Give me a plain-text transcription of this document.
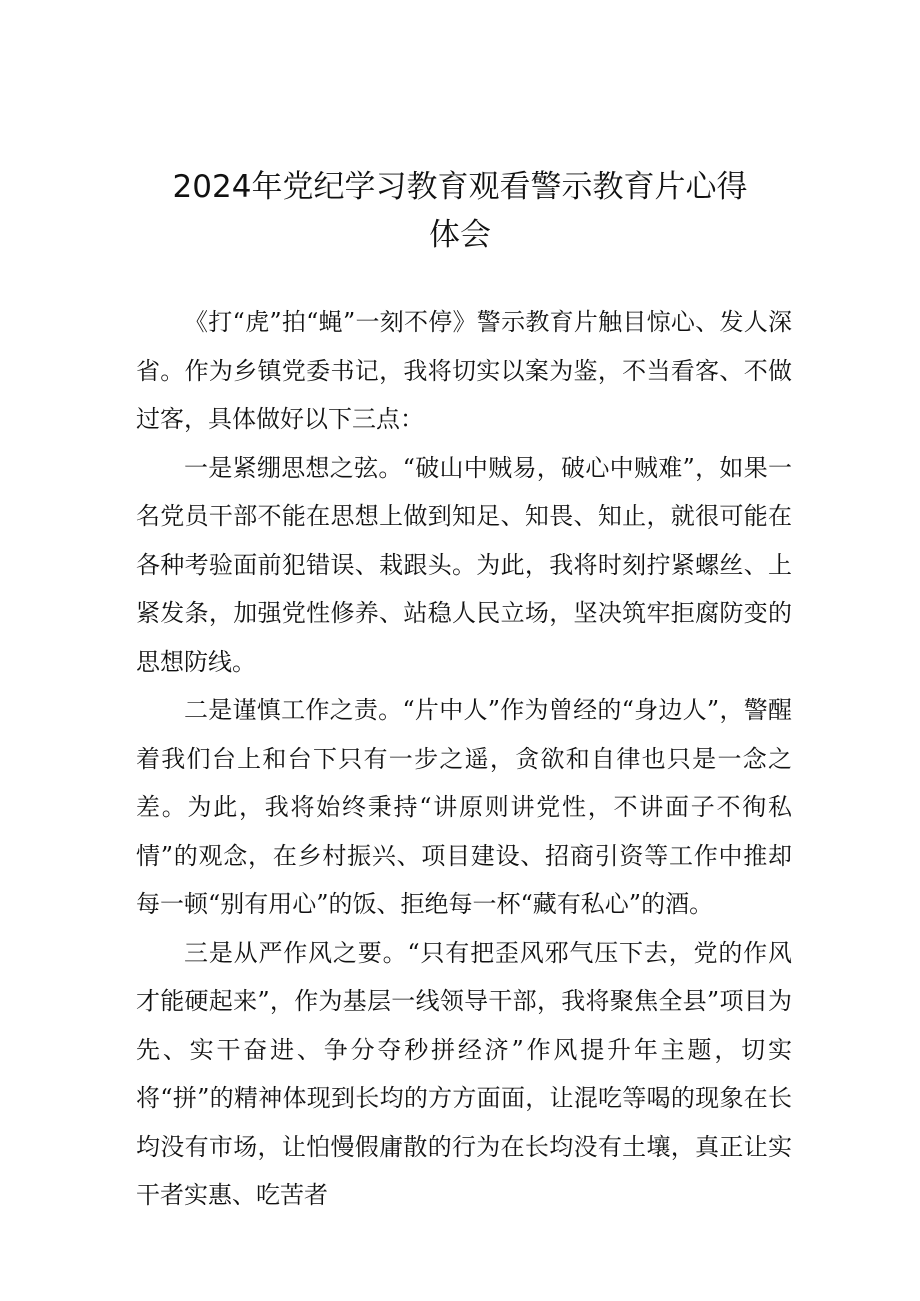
2024年党纪学习教育观看警示教育片心得
体会

《打“虎”拍“蝇”一刻不停》警示教育片触目惊心、发人深省。作为乡镇党委书记，我将切实以案为鉴，不当看客、不做过客，具体做好以下三点：

一是紧绷思想之弦。“破山中贼易，破心中贼难”，如果一名党员干部不能在思想上做到知足、知畏、知止，就很可能在各种考验面前犯错误、栽跟头。为此，我将时刻拧紧螺丝、上紧发条，加强党性修养、站稳人民立场，坚决筑牢拒腐防变的思想防线。

二是谨慎工作之责。“片中人”作为曾经的“身边人”，警醒着我们台上和台下只有一步之遥，贪欲和自律也只是一念之差。为此，我将始终秉持“讲原则讲党性，不讲面子不徇私情”的观念，在乡村振兴、项目建设、招商引资等工作中推却每一顿“别有用心”的饭、拒绝每一杯“藏有私心”的酒。

三是从严作风之要。“只有把歪风邪气压下去，党的作风才能硬起来”，作为基层一线领导干部，我将聚焦全县”项目为先、实干奋进、争分夺秒拼经济”作风提升年主题，切实将“拼”的精神体现到长均的方方面面，让混吃等喝的现象在长均没有市场，让怕慢假庸散的行为在长均没有土壤，真正让实干者实惠、吃苦者
